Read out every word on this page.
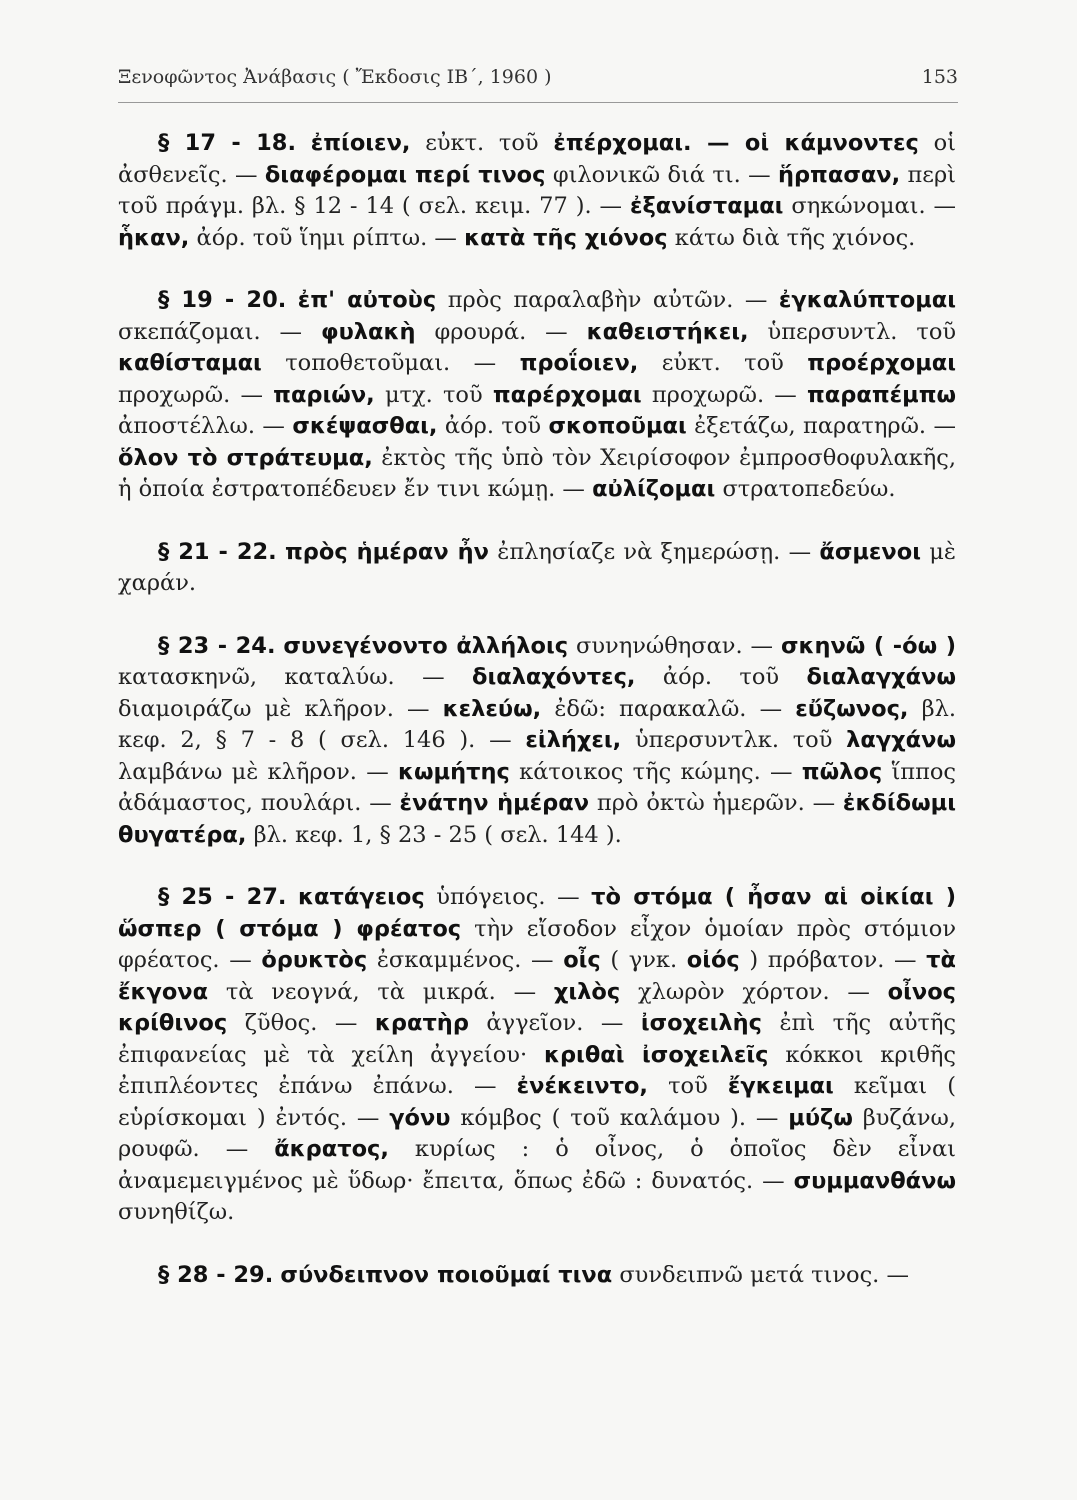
Ξενοφῶντος Ἀνάβασις ( Ἔκδοσις ΙΒ΄, 1960 )	153

§ 17 - 18. ἐπίοιεν, εὐκτ. τοῦ ἐπέρχομαι. — οἱ κάμνοντες οἱ ἀσθενεῖς. — διαφέρομαι περί τινος φιλονικῶ διά τι. — ἥρπασαν, περὶ τοῦ πράγμ. βλ. § 12 - 14 ( σελ. κειμ. 77 ). — ἐξανίσταμαι σηκώνομαι. — ἧκαν, ἀόρ. τοῦ ἵημι ρίπτω. — κατὰ τῆς χιόνος κάτω διὰ τῆς χιόνος.

§ 19 - 20. ἐπ' αὐτοὺς πρὸς παραλαβὴν αὐτῶν. — ἐγκαλύπτομαι σκεπάζομαι. — φυλακὴ φρουρά. — καθειστήκει, ὑπερσυντλ. τοῦ καθίσταμαι τοποθετοῦμαι. — προΐοιεν, εὐκτ. τοῦ προέρχομαι προχωρῶ. — παριών, μτχ. τοῦ παρέρχομαι προχωρῶ. — παραπέμπω ἀποστέλλω. — σκέψασθαι, ἀόρ. τοῦ σκοποῦμαι ἐξετάζω, παρατηρῶ. — ὅλον τὸ στράτευμα, ἐκτὸς τῆς ὑπὸ τὸν Χειρίσοφον ἐμπροσθοφυλακῆς, ἡ ὁποία ἐστρατοπέδευεν ἔν τινι κώμῃ. — αὐλίζομαι στρατοπεδεύω.

§ 21 - 22. πρὸς ἡμέραν ἦν ἐπλησίαζε νὰ ξημερώσῃ. — ἄσμενοι μὲ χαράν.

§ 23 - 24. συνεγένοντο ἀλλήλοις συνηνώθησαν. — σκηνῶ ( -όω ) κατασκηνῶ, καταλύω. — διαλαχόντες, ἀόρ. τοῦ διαλαγχάνω διαμοιράζω μὲ κλῆρον. — κελεύω, ἐδῶ: παρακαλῶ. — εὔζωνος, βλ. κεφ. 2, § 7 - 8 ( σελ. 146 ). — εἰλήχει, ὑπερσυντλκ. τοῦ λαγχάνω λαμβάνω μὲ κλῆρον. — κωμήτης κάτοικος τῆς κώμης. — πῶλος ἵππος ἀδάμαστος, πουλάρι. — ἐνάτην ἡμέραν πρὸ ὀκτὼ ἡμερῶν. — ἐκδίδωμι θυγατέρα, βλ. κεφ. 1, § 23 - 25 ( σελ. 144 ).

§ 25 - 27. κατάγειος ὑπόγειος. — τὸ στόμα ( ἦσαν αἱ οἰκίαι ) ὥσπερ ( στόμα ) φρέατος τὴν εἴσοδον εἶχον ὁμοίαν πρὸς στόμιον φρέατος. — ὀρυκτὸς ἐσκαμμένος. — οἶς ( γνκ. οἰός ) πρόβατον. — τὰ ἔκγονα τὰ νεογνά, τὰ μικρά. — χιλὸς χλωρὸν χόρτον. — οἶνος κρίθινος ζῦθος. — κρατὴρ ἀγγεῖον. — ἰσοχειλὴς ἐπὶ τῆς αὐτῆς ἐπιφανείας μὲ τὰ χείλη ἀγγείου· κριθαὶ ἰσοχειλεῖς κόκκοι κριθῆς ἐπιπλέοντες ἐπάνω ἐπάνω. — ἐνέκειντο, τοῦ ἔγκειμαι κεῖμαι ( εὑρίσκομαι ) ἐντός. — γόνυ κόμβος ( τοῦ καλάμου ). — μύζω βυζάνω, ρουφῶ. — ἄκρατος, κυρίως : ὁ οἶνος, ὁ ὁποῖος δὲν εἶναι ἀναμεμειγμένος μὲ ὕδωρ· ἔπειτα, ὅπως ἐδῶ : δυνατός. — συμμανθάνω συνηθίζω.

§ 28 - 29. σύνδειπνον ποιοῦμαί τινα συνδειπνῶ μετά τινος. —
